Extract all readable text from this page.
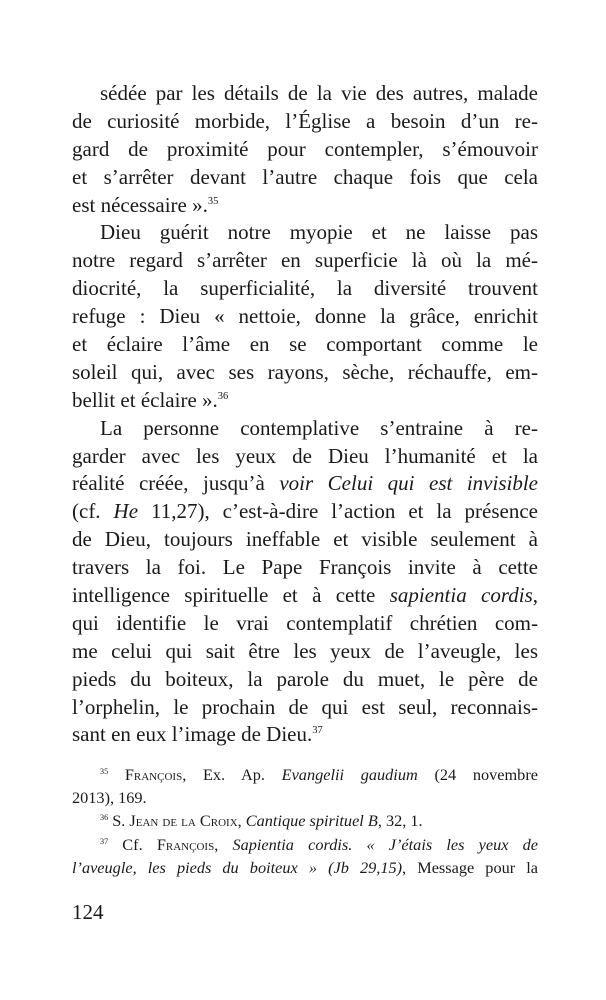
sédée par les détails de la vie des autres, malade
de curiosité morbide, l’Église a besoin d’un re-
gard de proximité pour contempler, s’émouvoir
et s’arrêter devant l’autre chaque fois que cela
est nécessaire ».$^{35}$
Dieu guérit notre myopie et ne laisse pas
notre regard s’arrêter en superficie là où la mé-
diocrité, la superficialité, la diversité trouvent
refuge : Dieu « nettoie, donne la grâce, enrichit
et éclaire l’âme en se comportant comme le
soleil qui, avec ses rayons, sèche, réchauffe, em-
bellit et éclaire ».$^{36}$
La personne contemplative s’entraine à re-
garder avec les yeux de Dieu l’humanité et la
réalité créée, jusqu’à voir Celui qui est invisible
(cf. He 11,27), c’est-à-dire l’action et la présence
de Dieu, toujours ineffable et visible seulement à
travers la foi. Le Pape François invite à cette
intelligence spirituelle et à cette sapientia cordis,
qui identifie le vrai contemplatif chrétien com-
me celui qui sait être les yeux de l’aveugle, les
pieds du boiteux, la parole du muet, le père de
l’orphelin, le prochain de qui est seul, reconnais-
sant en eux l’image de Dieu.$^{37}$
$^{35}$ François, Ex. Ap. Evangelii gaudium (24 novembre
2013), 169.
$^{36}$ S. Jean de la Croix, Cantique spirituel B, 32, 1.
$^{37}$ Cf. François, Sapientia cordis. « J’étais les yeux de
l’aveugle, les pieds du boiteux » (Jb 29,15), Message pour la
124
